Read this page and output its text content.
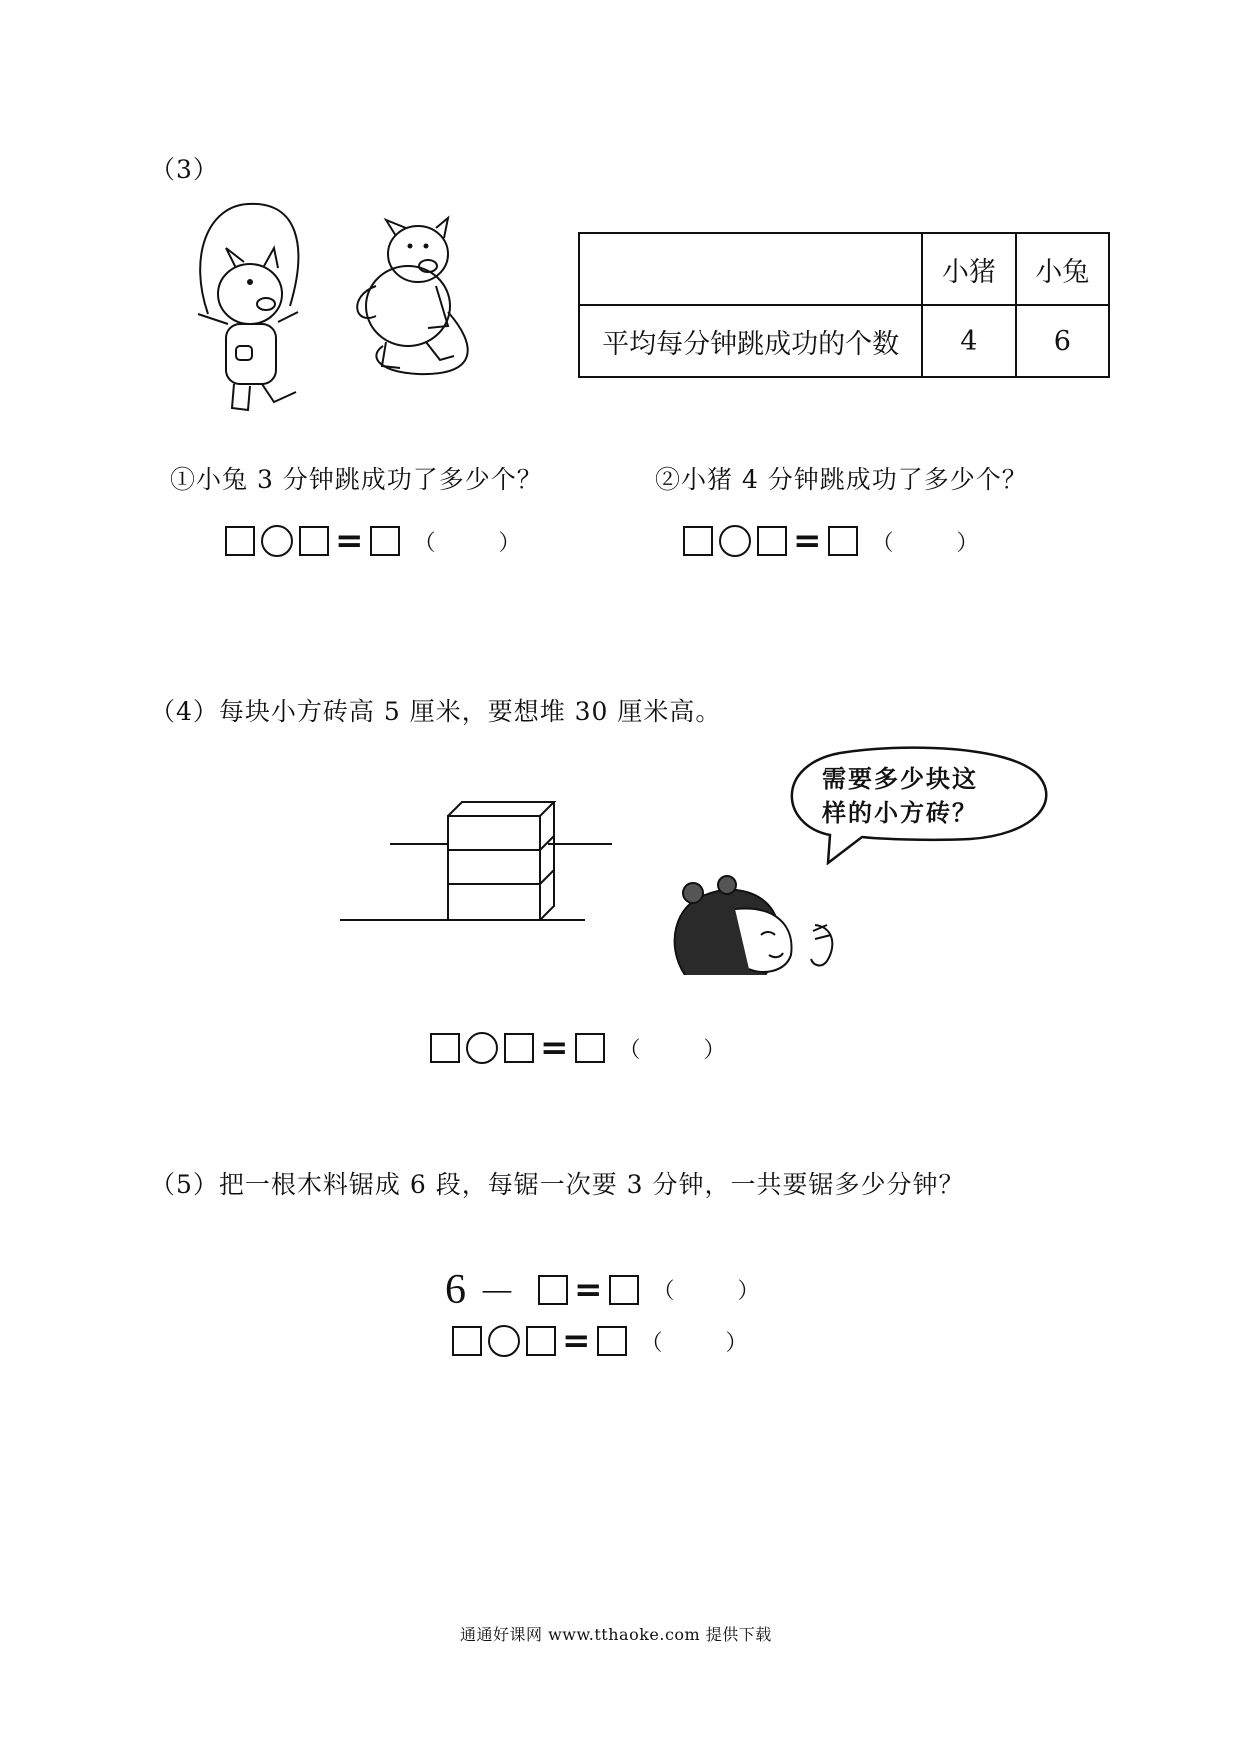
（3）
	小猪	小兔
平均每分钟跳成功的个数	4	6
①小兔 3 分钟跳成功了多少个？	②小猪 4 分钟跳成功了多少个？
= （ ）	= （ ）
（4）每块小方砖高 5 厘米，要想堆 30 厘米高。
需要多少块这
样的小方砖？
= （ ）
（5）把一根木料锯成 6 段，每锯一次要 3 分钟，一共要锯多少分钟？
6 － = （ ）
= （ ）
通通好课网 www.tthaoke.com 提供下载
